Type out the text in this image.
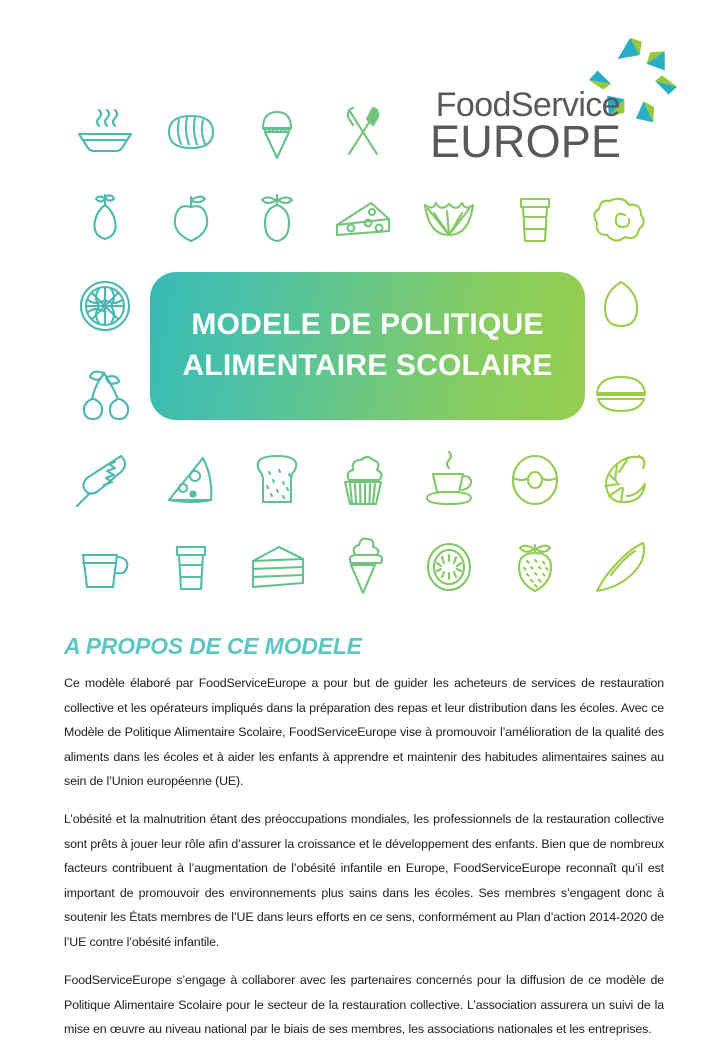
FoodService
EUROPE
MODELE DE POLITIQUE
ALIMENTAIRE SCOLAIRE
A PROPOS DE CE MODELE

Ce modèle élaboré par FoodServiceEurope a pour but de guider les acheteurs de services de restauration collective et les opérateurs impliqués dans la préparation des repas et leur distribution dans les écoles. Avec ce Modèle de Politique Alimentaire Scolaire, FoodServiceEurope vise à promouvoir l’amélioration de la qualité des aliments dans les écoles et à aider les enfants à apprendre et maintenir des habitudes alimentaires saines au sein de l’Union européenne (UE).

L’obésité et la malnutrition étant des préoccupations mondiales, les professionnels de la restauration collective sont prêts à jouer leur rôle afin d’assurer la croissance et le développement des enfants. Bien que de nombreux facteurs contribuent à l’augmentation de l’obésité infantile en Europe, FoodServiceEurope reconnaît qu’il est important de promouvoir des environnements plus sains dans les écoles. Ses membres s’engagent donc à soutenir les États membres de l’UE dans leurs efforts en ce sens, conformément au Plan d’action 2014-2020 de l’UE contre l’obésité infantile.

FoodServiceEurope s’engage à collaborer avec les partenaires concernés pour la diffusion de ce modèle de Politique Alimentaire Scolaire pour le secteur de la restauration collective. L’association assurera un suivi de la mise en œuvre au niveau national par le biais de ses membres, les associations nationales et les entreprises.
